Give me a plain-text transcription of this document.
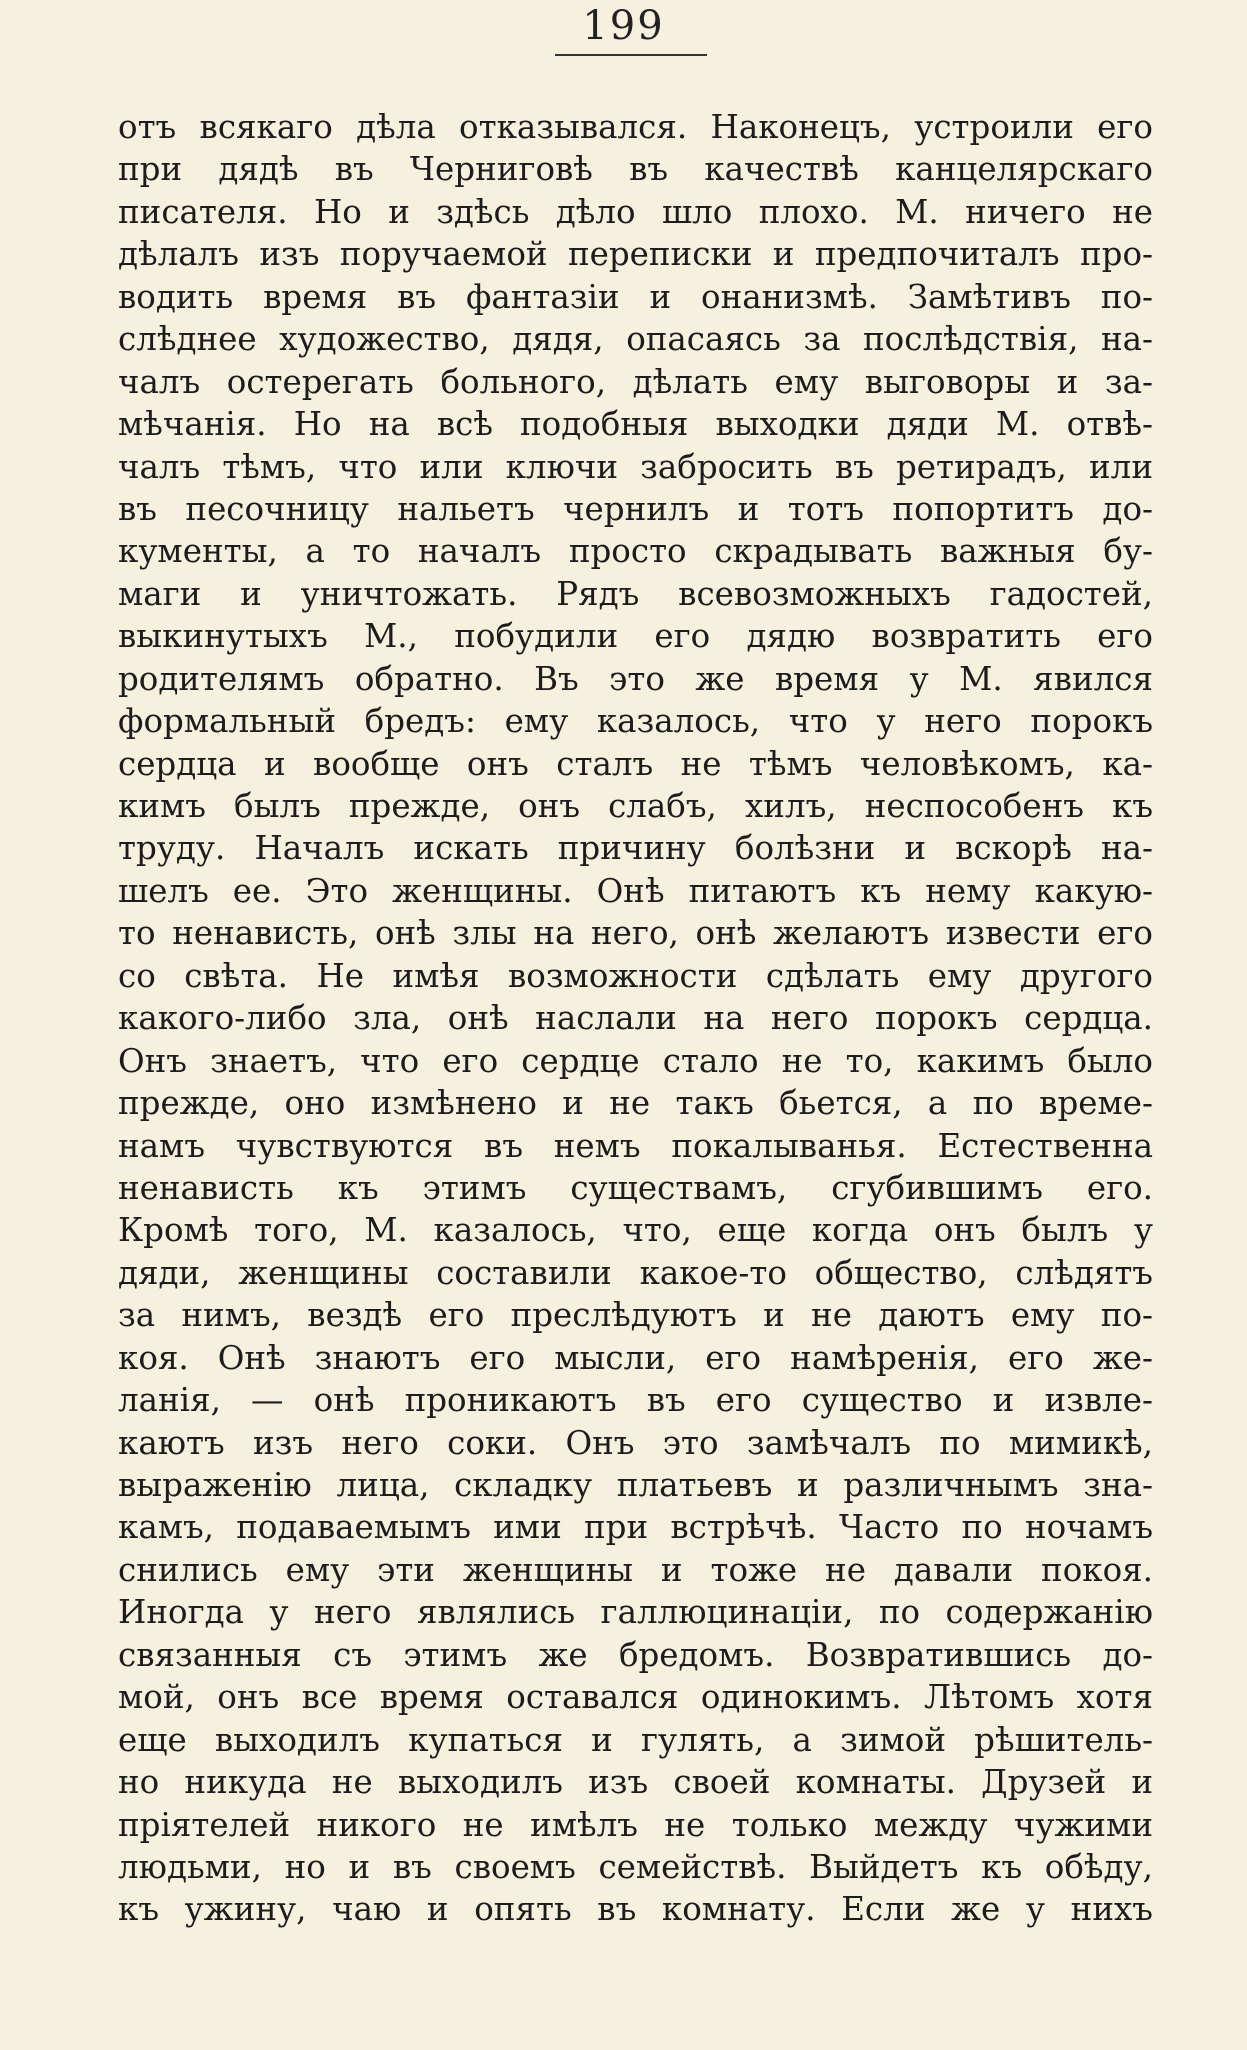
199
отъ всякаго дѣла отказывался. Наконецъ, устроили его
при дядѣ въ Черниговѣ въ качествѣ канцелярскаго
писателя. Но и здѣсь дѣло шло плохо. М. ничего не
дѣлалъ изъ поручаемой переписки и предпочиталъ про-
водить время въ фантазіи и онанизмѣ. Замѣтивъ по-
слѣднее художество, дядя, опасаясь за послѣдствія, на-
чалъ остерегать больного, дѣлать ему выговоры и за-
мѣчанія. Но на всѣ подобныя выходки дяди М. отвѣ-
чалъ тѣмъ, что или ключи забросить въ ретирадъ, или
въ песочницу нальетъ чернилъ и тотъ попортитъ до-
кументы, а то началъ просто скрадывать важныя бу-
маги и уничтожать. Рядъ всевозможныхъ гадостей,
выкинутыхъ М., побудили его дядю возвратить его
родителямъ обратно. Въ это же время у М. явился
формальный бредъ: ему казалось, что у него порокъ
сердца и вообще онъ сталъ не тѣмъ человѣкомъ, ка-
кимъ былъ прежде, онъ слабъ, хилъ, неспособенъ къ
труду. Началъ искать причину болѣзни и вскорѣ на-
шелъ ее. Это женщины. Онѣ питаютъ къ нему какую-
то ненависть, онѣ злы на него, онѣ желаютъ извести его
со свѣта. Не имѣя возможности сдѣлать ему другого
какого-либо зла, онѣ наслали на него порокъ сердца.
Онъ знаетъ, что его сердце стало не то, какимъ было
прежде, оно измѣнено и не такъ бьется, а по време-
намъ чувствуются въ немъ покалыванья. Естественна
ненависть къ этимъ существамъ, сгубившимъ его.
Кромѣ того, М. казалось, что, еще когда онъ былъ у
дяди, женщины составили какое-то общество, слѣдятъ
за нимъ, вездѣ его преслѣдуютъ и не даютъ ему по-
коя. Онѣ знаютъ его мысли, его намѣренія, его же-
ланія, — онѣ проникаютъ въ его существо и извле-
каютъ изъ него соки. Онъ это замѣчалъ по мимикѣ,
выраженію лица, складку платьевъ и различнымъ зна-
камъ, подаваемымъ ими при встрѣчѣ. Часто по ночамъ
снились ему эти женщины и тоже не давали покоя.
Иногда у него являлись галлюцинаціи, по содержанію
связанныя съ этимъ же бредомъ. Возвратившись до-
мой, онъ все время оставался одинокимъ. Лѣтомъ хотя
еще выходилъ купаться и гулять, а зимой рѣшитель-
но никуда не выходилъ изъ своей комнаты. Друзей и
пріятелей никого не имѣлъ не только между чужими
людьми, но и въ своемъ семействѣ. Выйдетъ къ обѣду,
къ ужину, чаю и опять въ комнату. Если же у нихъ
